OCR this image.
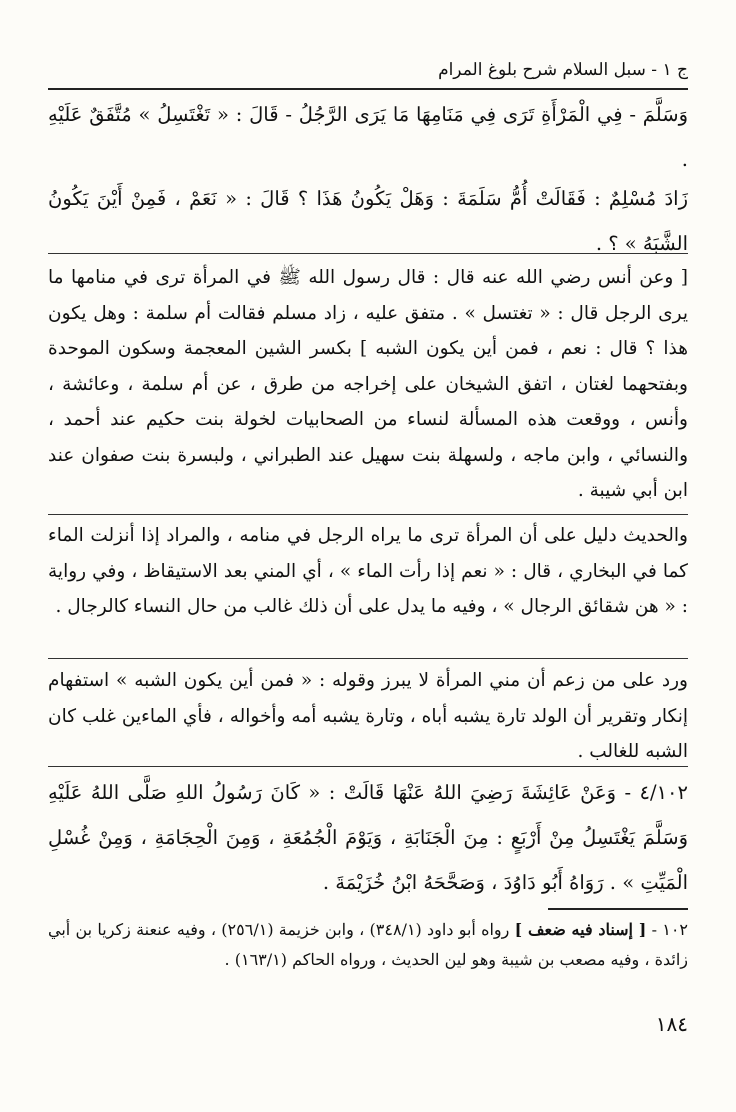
ج ١ - سبل السلام شرح بلوغ المرام
وَسَلَّمَ - فِي الْمَرْأَةِ تَرَى فِي مَنَامِهَا مَا يَرَى الرَّجُلُ - قَالَ : « تَغْتَسِلُ » مُتَّفَقٌ عَلَيْهِ .
زَادَ مُسْلِمٌ : فَقَالَتْ أُمُّ سَلَمَةَ : وَهَلْ يَكُونُ هَذَا ؟ قَالَ : « نَعَمْ ، فَمِنْ أَيْنَ يَكُونُ الشَّبَهُ » ؟ .
[ وعن أنس رضي الله عنه قال : قال رسول الله ﷺ في المرأة ترى في منامها ما يرى الرجل قال : « تغتسل » . متفق عليه ، زاد مسلم فقالت أم سلمة : وهل يكون هذا ؟ قال : نعم ، فمن أين يكون الشبه ] بكسر الشين المعجمة وسكون الموحدة وبفتحهما لغتان ، اتفق الشيخان على إخراجه من طرق ، عن أم سلمة ، وعائشة ، وأنس ، ووقعت هذه المسألة لنساء من الصحابيات لخولة بنت حكيم عند أحمد ، والنسائي ، وابن ماجه ، ولسهلة بنت سهيل عند الطبراني ، ولبسرة بنت صفوان عند ابن أبي شيبة .
والحديث دليل على أن المرأة ترى ما يراه الرجل في منامه ، والمراد إذا أنزلت الماء كما في البخاري ، قال : « نعم إذا رأت الماء » ، أي المني بعد الاستيقاظ ، وفي رواية : « هن شقائق الرجال » ، وفيه ما يدل على أن ذلك غالب من حال النساء كالرجال .
ورد على من زعم أن مني المرأة لا يبرز وقوله : « فمن أين يكون الشبه » استفهام إنكار وتقرير أن الولد تارة يشبه أباه ، وتارة يشبه أمه وأخواله ، فأي الماءين غلب كان الشبه للغالب .
٤/١٠٢ - وَعَنْ عَائِشَةَ رَضِيَ اللهُ عَنْهَا قَالَتْ : « كَانَ رَسُولُ اللهِ صَلَّى اللهُ عَلَيْهِ وَسَلَّمَ يَغْتَسِلُ مِنْ أَرْبَعٍ : مِنَ الْجَنَابَةِ ، وَيَوْمَ الْجُمُعَةِ ، وَمِنَ الْحِجَامَةِ ، وَمِنْ غُسْلِ الْمَيِّتِ » . رَوَاهُ أَبُو دَاوُدَ ، وَصَحَّحَهُ ابْنُ خُزَيْمَةَ .
١٠٢ - [ إسناد فيه ضعف ] رواه أبو داود (٣٤٨/١) ، وابن خزيمة (٢٥٦/١) ، وفيه عنعنة زكريا بن أبي زائدة ، وفيه مصعب بن شيبة وهو لين الحديث ، ورواه الحاكم (١٦٣/١) .
١٨٤
